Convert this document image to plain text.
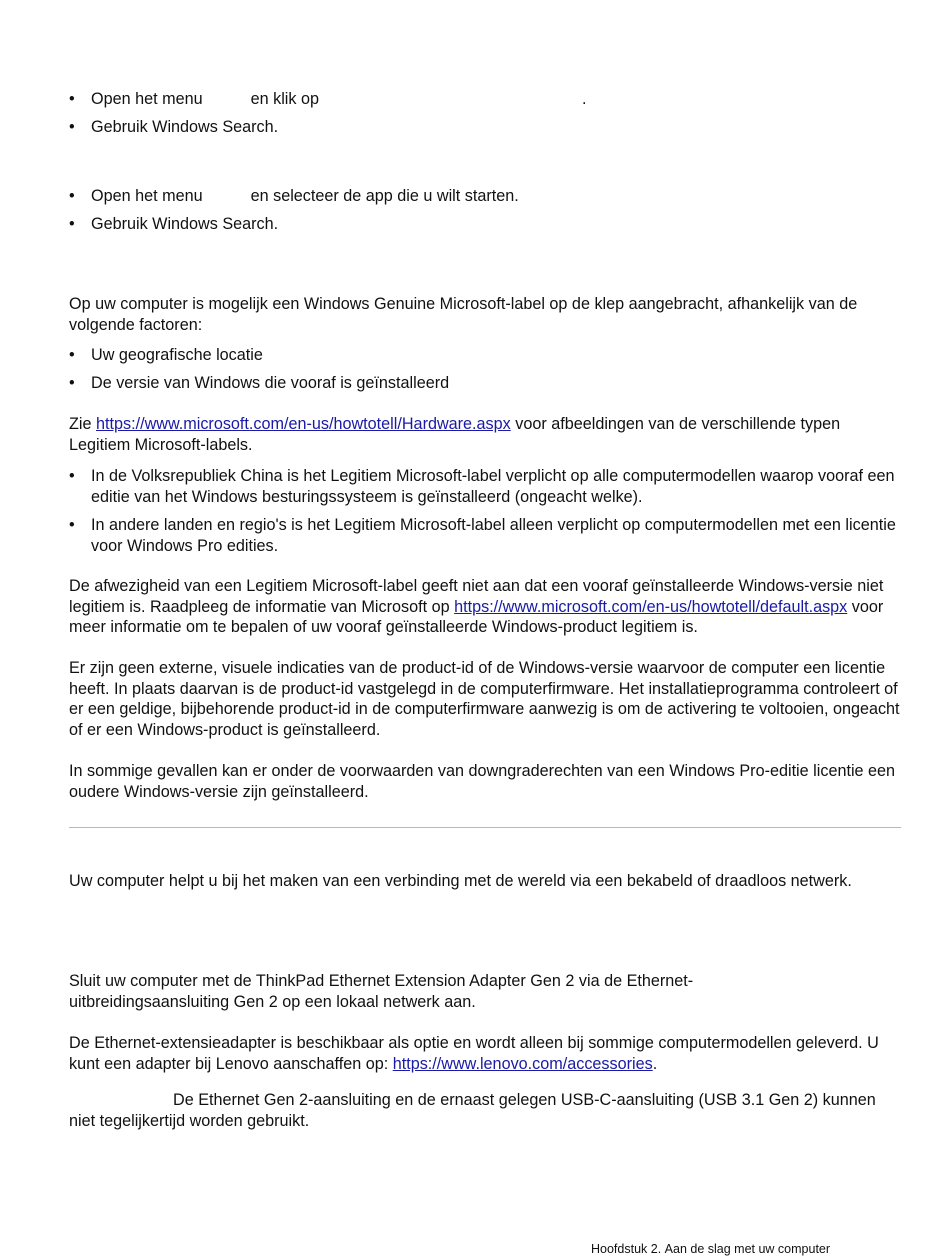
• Open het menu	en klik op	.
• Gebruik Windows Search.
• Open het menu	en selecteer de app die u wilt starten.
• Gebruik Windows Search.
Op uw computer is mogelijk een Windows Genuine Microsoft-label op de klep aangebracht, afhankelijk van de volgende factoren:
• Uw geografische locatie
• De versie van Windows die vooraf is geïnstalleerd
Zie https://www.microsoft.com/en-us/howtotell/Hardware.aspx voor afbeeldingen van de verschillende typen Legitiem Microsoft-labels.
• In de Volksrepubliek China is het Legitiem Microsoft-label verplicht op alle computermodellen waarop vooraf een editie van het Windows besturingssysteem is geïnstalleerd (ongeacht welke).
• In andere landen en regio's is het Legitiem Microsoft-label alleen verplicht op computermodellen met een licentie voor Windows Pro edities.
De afwezigheid van een Legitiem Microsoft-label geeft niet aan dat een vooraf geïnstalleerde Windows-versie niet legitiem is. Raadpleeg de informatie van Microsoft op https://www.microsoft.com/en-us/howtotell/default.aspx voor meer informatie om te bepalen of uw vooraf geïnstalleerde Windows-product legitiem is.
Er zijn geen externe, visuele indicaties van de product-id of de Windows-versie waarvoor de computer een licentie heeft. In plaats daarvan is de product-id vastgelegd in de computerfirmware. Het installatieprogramma controleert of er een geldige, bijbehorende product-id in de computerfirmware aanwezig is om de activering te voltooien, ongeacht of er een Windows-product is geïnstalleerd.
In sommige gevallen kan er onder de voorwaarden van downgraderechten van een Windows Pro-editie licentie een oudere Windows-versie zijn geïnstalleerd.
Uw computer helpt u bij het maken van een verbinding met de wereld via een bekabeld of draadloos netwerk.
Sluit uw computer met de ThinkPad Ethernet Extension Adapter Gen 2 via de Ethernet-uitbreidingsaansluiting Gen 2 op een lokaal netwerk aan.
De Ethernet-extensieadapter is beschikbaar als optie en wordt alleen bij sommige computermodellen geleverd. U kunt een adapter bij Lenovo aanschaffen op: https://www.lenovo.com/accessories.
De Ethernet Gen 2-aansluiting en de ernaast gelegen USB-C-aansluiting (USB 3.1 Gen 2) kunnen niet tegelijkertijd worden gebruikt.
Hoofdstuk 2. Aan de slag met uw computer
